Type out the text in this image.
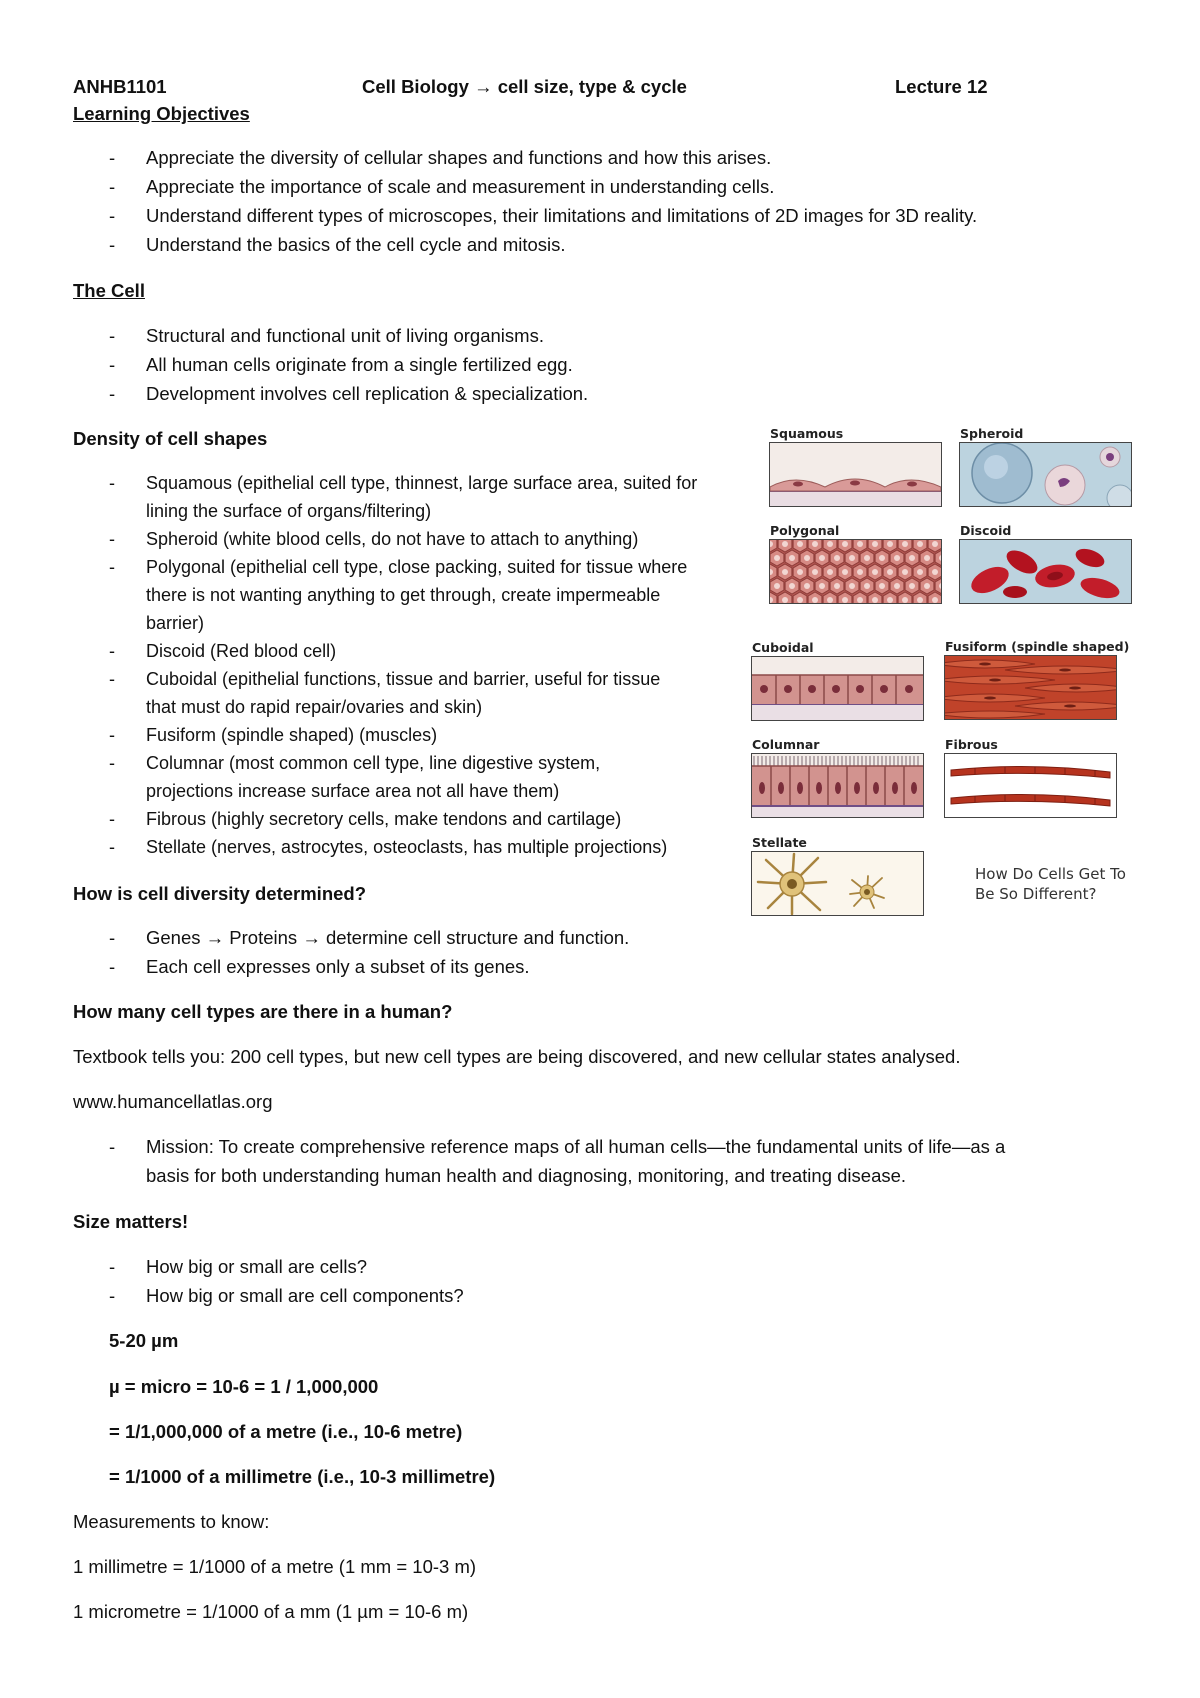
ANHB1101	Cell Biology → cell size, type & cycle	Lecture 12
Learning Objectives
- Appreciate the diversity of cellular shapes and functions and how this arises.
- Appreciate the importance of scale and measurement in understanding cells.
- Understand different types of microscopes, their limitations and limitations of 2D images for 3D reality.
- Understand the basics of the cell cycle and mitosis.
The Cell
- Structural and functional unit of living organisms.
- All human cells originate from a single fertilized egg.
- Development involves cell replication & specialization.
Density of cell shapes
- Squamous (epithelial cell type, thinnest, large surface area, suited for
lining the surface of organs/filtering)
- Spheroid (white blood cells, do not have to attach to anything)
- Polygonal (epithelial cell type, close packing, suited for tissue where
there is not wanting anything to get through, create impermeable
barrier)
- Discoid (Red blood cell)
- Cuboidal (epithelial functions, tissue and barrier, useful for tissue
that must do rapid repair/ovaries and skin)
- Fusiform (spindle shaped) (muscles)
- Columnar (most common cell type, line digestive system,
projections increase surface area not all have them)
- Fibrous (highly secretory cells, make tendons and cartilage)
- Stellate (nerves, astrocytes, osteoclasts, has multiple projections)
Squamous	Spheroid
Polygonal	Discoid
Cuboidal	Fusiform (spindle shaped)
Columnar	Fibrous
Stellate
How Do Cells Get To
Be So Different?
How is cell diversity determined?
- Genes → Proteins → determine cell structure and function.
- Each cell expresses only a subset of its genes.
How many cell types are there in a human?
Textbook tells you: 200 cell types, but new cell types are being discovered, and new cellular states analysed.
www.humancellatlas.org
- Mission: To create comprehensive reference maps of all human cells—the fundamental units of life—as a
basis for both understanding human health and diagnosing, monitoring, and treating disease.
Size matters!
- How big or small are cells?
- How big or small are cell components?
5-20 µm
µ = micro = 10-6 = 1 / 1,000,000
= 1/1,000,000 of a metre (i.e., 10-6 metre)
= 1/1000 of a millimetre (i.e., 10-3 millimetre)
Measurements to know:
1 millimetre = 1/1000 of a metre (1 mm = 10-3 m)
1 micrometre = 1/1000 of a mm (1 µm = 10-6 m)
